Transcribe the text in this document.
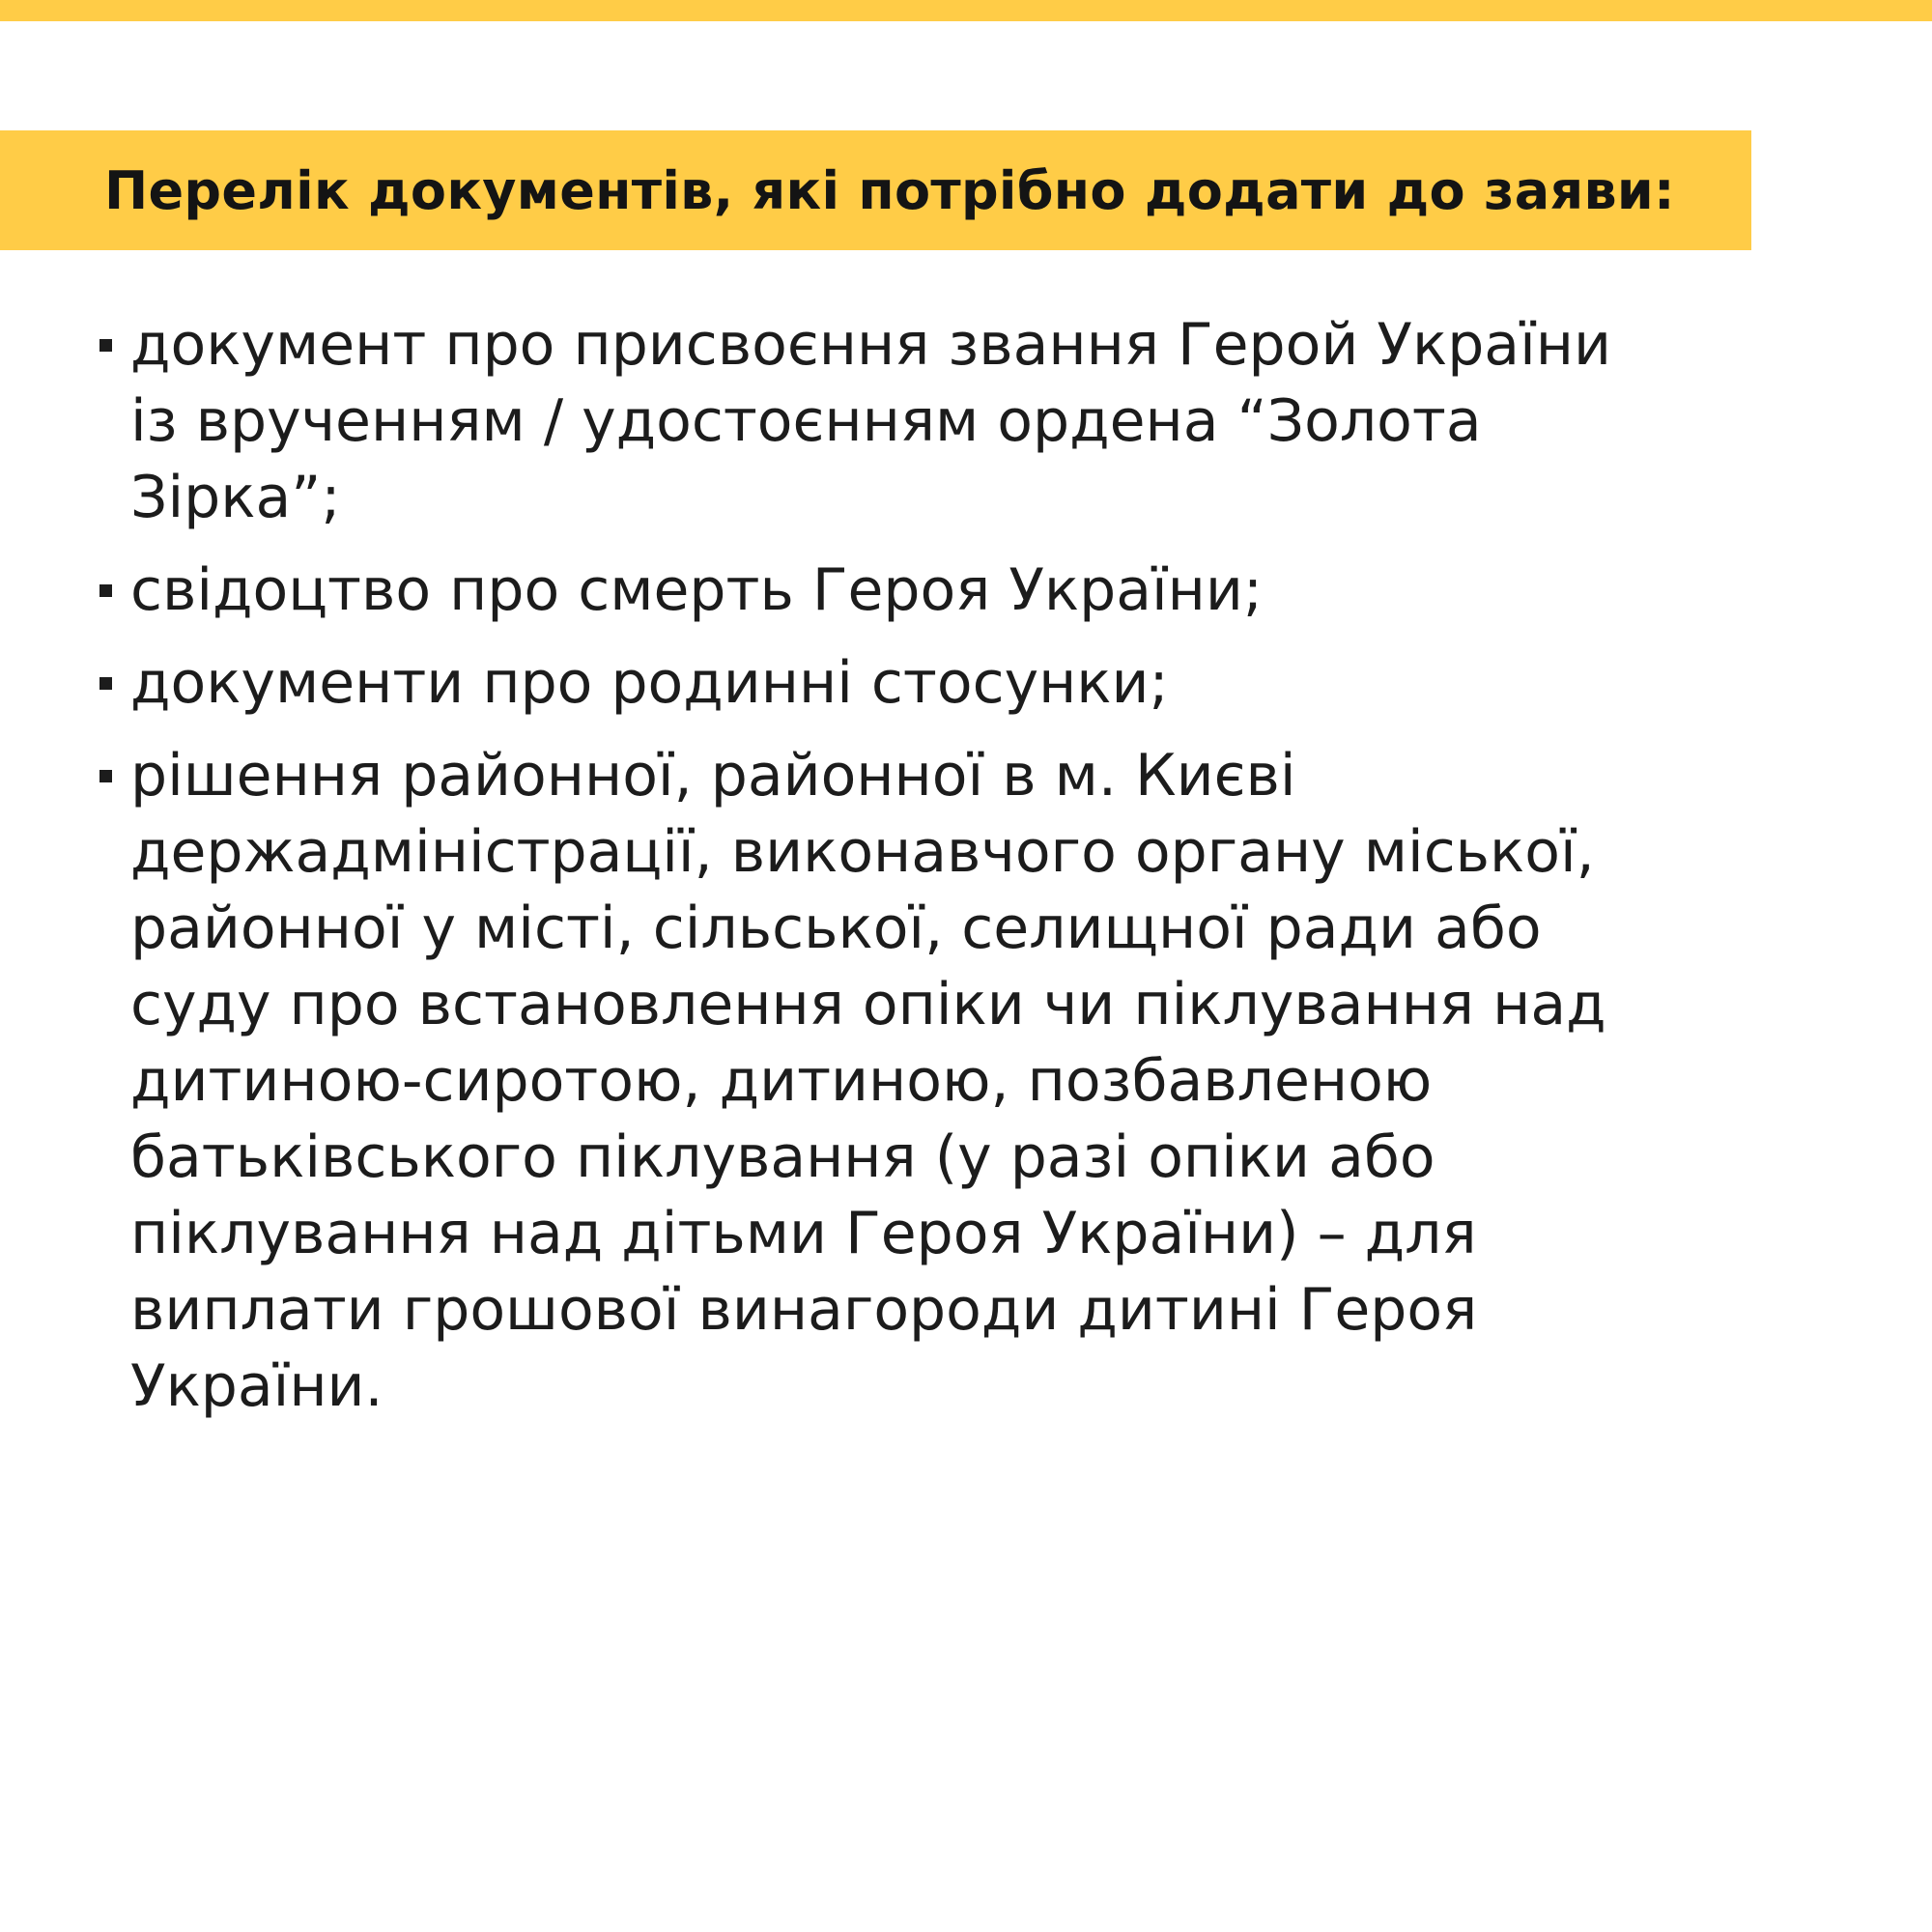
Перелік документів, які потрібно додати до заяви:
документ про присвоєння звання Герой України
із врученням / удостоєнням ордена “Золота
Зірка”;
свідоцтво про смерть Героя України;
документи про родинні стосунки;
рішення районної, районної в м. Києві
держадміністрації, виконавчого органу міської,
районної у місті, сільської, селищної ради або
суду про встановлення опіки чи піклування над
дитиною-сиротою, дитиною, позбавленою
батьківського піклування (у разі опіки або
піклування над дітьми Героя України) – для
виплати грошової винагороди дитині Героя
України.
